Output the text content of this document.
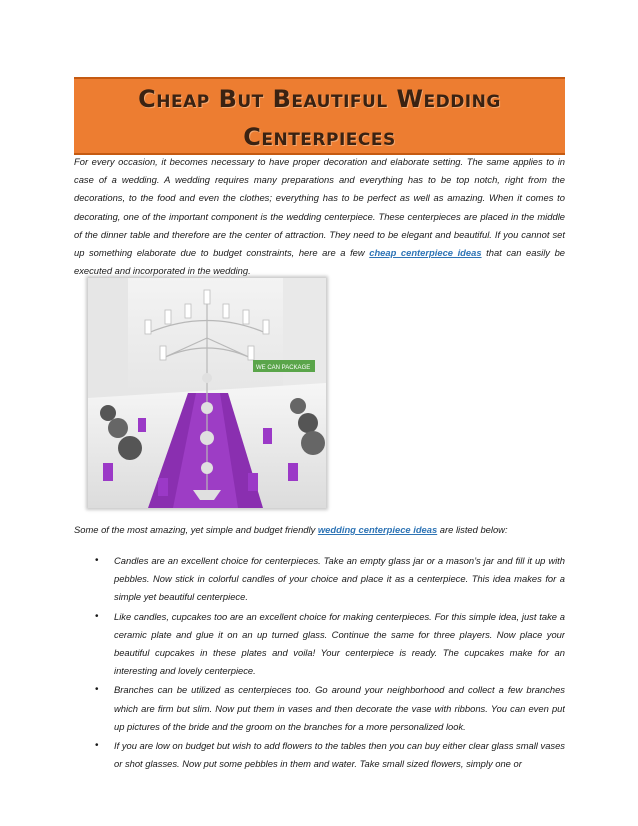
Cheap But Beautiful Wedding
Centerpieces

For every occasion, it becomes necessary to have proper decoration and elaborate setting. The same applies to in case of a wedding. A wedding requires many preparations and everything has to be top notch, right from the decorations, to the food and even the clothes; everything has to be perfect as well as amazing. When it comes to decorating, one of the important component is the wedding centerpiece. These centerpieces are placed in the middle of the dinner table and therefore are the center of attraction. They need to be elegant and beautiful. If you cannot set up something elaborate due to budget constraints, here are a few cheap centerpiece ideas that can easily be executed and incorporated in the wedding.

WE CAN PACKAGE

Some of the most amazing, yet simple and budget friendly wedding centerpiece ideas are listed below:

• Candles are an excellent choice for centerpieces. Take an empty glass jar or a mason’s jar and fill it up with pebbles. Now stick in colorful candles of your choice and place it as a centerpiece. This idea makes for a simple yet beautiful centerpiece.
• Like candles, cupcakes too are an excellent choice for making centerpieces. For this simple idea, just take a ceramic plate and glue it on an up turned glass. Continue the same for three players. Now place your beautiful cupcakes in these plates and voila! Your centerpiece is ready. The cupcakes make for an interesting and lovely centerpiece.
• Branches can be utilized as centerpieces too. Go around your neighborhood and collect a few branches which are firm but slim. Now put them in vases and then decorate the vase with ribbons. You can even put up pictures of the bride and the groom on the branches for a more personalized look.
• If you are low on budget but wish to add flowers to the tables then you can buy either clear glass small vases or shot glasses. Now put some pebbles in them and water. Take small sized flowers, simply one or
